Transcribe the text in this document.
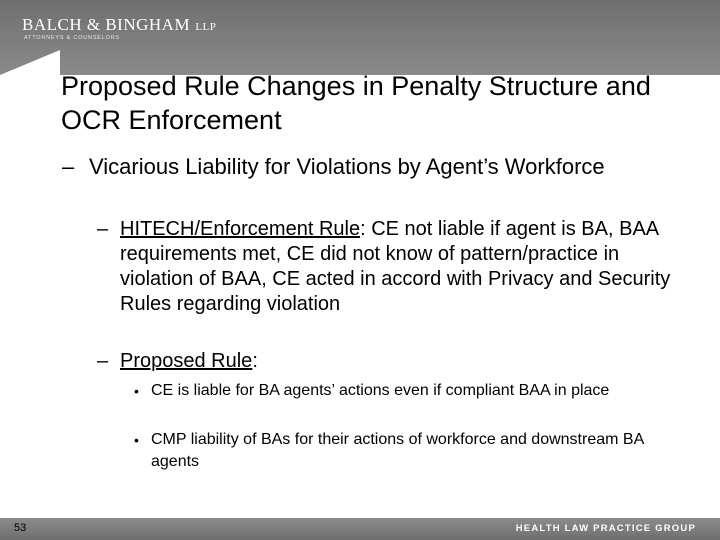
BALCH & BINGHAM LLP
ATTORNEYS & COUNSELORS
Proposed Rule Changes in Penalty Structure and OCR Enforcement
– Vicarious Liability for Violations by Agent’s Workforce
– HITECH/Enforcement Rule: CE not liable if agent is BA, BAA requirements met, CE did not know of pattern/practice in violation of BAA, CE acted in accord with Privacy and Security Rules regarding violation
– Proposed Rule:
• CE is liable for BA agents’ actions even if compliant BAA in place
• CMP liability of BAs for their actions of workforce and downstream BA agents
53	HEALTH LAW PRACTICE GROUP
